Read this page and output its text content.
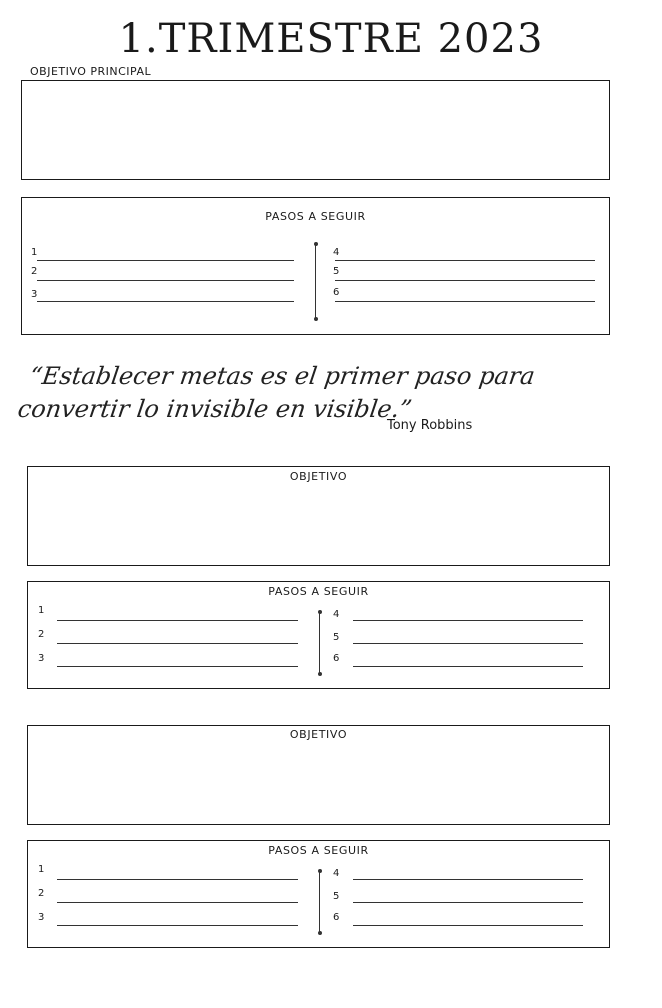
1.TRIMESTRE 2023
OBJETIVO PRINCIPAL
PASOS A SEGUIR
1
2
3
4
5
6
“Establecer metas es el primer paso para
convertir lo invisible en visible.”
Tony Robbins
OBJETIVO
PASOS A SEGUIR
1
2
3
4
5
6
OBJETIVO
PASOS A SEGUIR
1
2
3
4
5
6
